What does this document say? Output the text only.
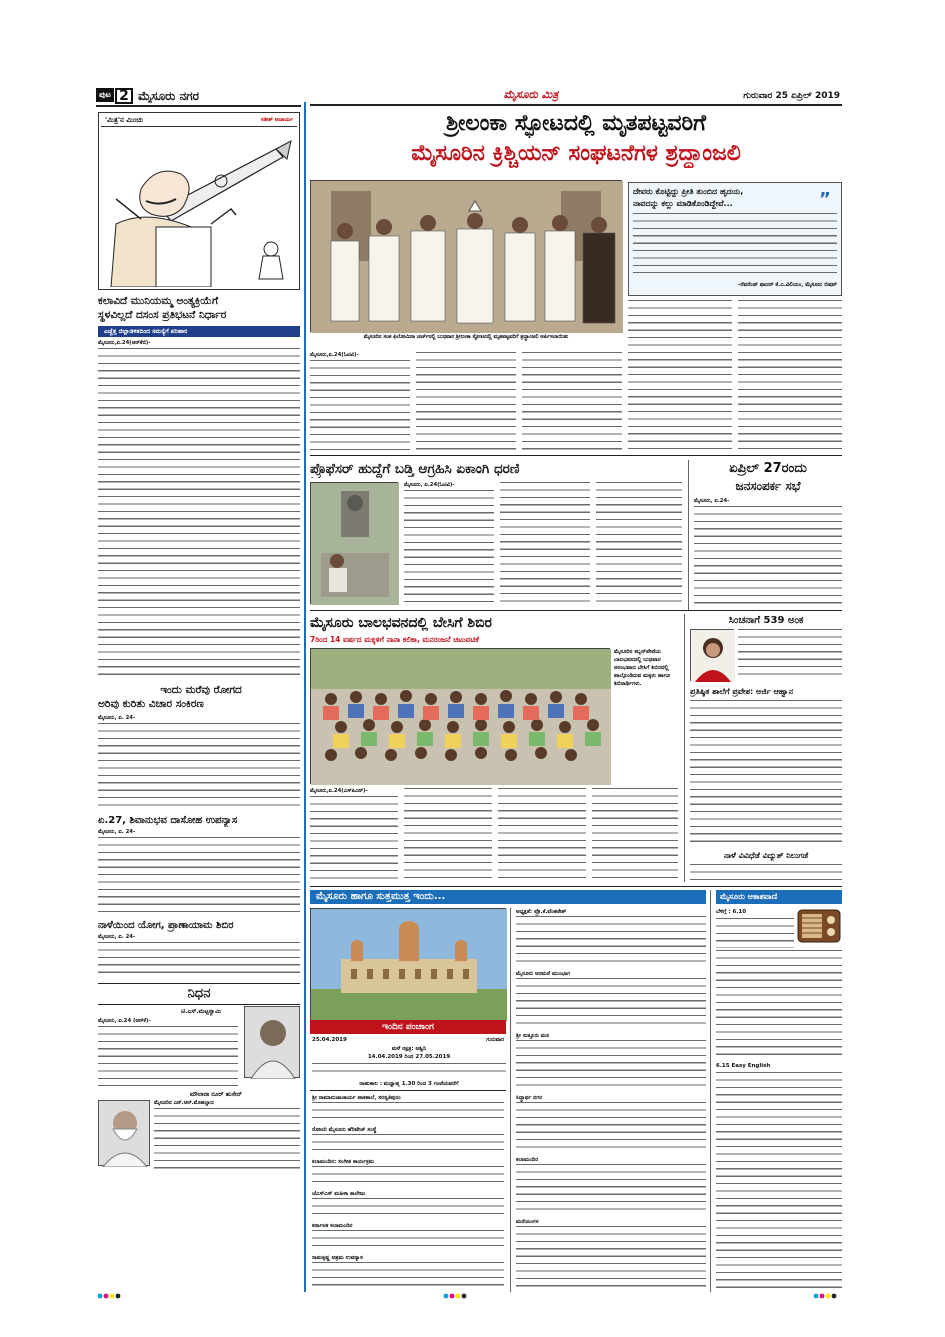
ಪುಟ 2 ಮೈಸೂರು ನಗರ
'ಮಿತ್ರ'ನ ಮಿಂಚು	ಸತೀಶ್ ಆಚಾರ್ಯ
ಕಲಾವಿದೆ ಮುನಿಯಮ್ಮ ಅಂತ್ಯಕ್ರಿಯೆಗೆ
ಸ್ಥಳವಿಲ್ಲದೆ ದಸಂಸ ಪ್ರತಿಭಟನೆ ನಿರ್ಧಾರ
ಎಚ್ಚೆತ್ತ ಜಿಲ್ಲಾಡಳಿತದಿಂದ ಸಮಸ್ಯೆಗೆ ಪರಿಹಾರ
ಮೈಸೂರು,ಏ.24(ಆರ್‌ಕೆಬಿ)-
ಇಂದು ಮರೆವು ರೋಗದ
ಅರಿವು ಕುರಿತು ವಿಚಾರ ಸಂಕಿರಣ
ಮೈಸೂರು, ಏ. 24-
ಏ.27, ಶಿವಾನುಭವ ದಾಸೋಹ ಉಪನ್ಯಾಸ
ಮೈಸೂರು, ಏ. 24-
ನಾಳೆಯಿಂದ ಯೋಗ, ಪ್ರಾಣಾಯಾಮ ಶಿಬಿರ
ಮೈಸೂರು, ಏ. 24-
ನಿಧನ
ಟಿ.ಎಸ್.ಮಟ್ಟಸ್ವಾಮಿ
ಮೈಸೂರು, ಏ.24 (ಆರ್‌ಕೆ)-
ಮೌಲಾನಾ ನೂರ್ ಹುಸೇನ್
ಮೈಸೂರಿನ ಎನ್.ಆರ್.ಮೊಹಲ್ಲಾದ
ಮೈಸೂರು ಮಿತ್ರ	ಗುರುವಾರ 25 ಏಪ್ರಿಲ್ 2019
ಶ್ರೀಲಂಕಾ ಸ್ಫೋಟದಲ್ಲಿ ಮೃತಪಟ್ಟವರಿಗೆ
ಮೈಸೂರಿನ ಕ್ರಿಶ್ಚಿಯನ್ ಸಂಘಟನೆಗಳ ಶ್ರದ್ಧಾಂಜಲಿ
ಮೈಸೂರಿನ ಸಂತ ಫಿಲೋಮಿನಾ ಚರ್ಚ್‌ನಲ್ಲಿ ಬುಧವಾರ ಶ್ರೀಲಂಕಾ ಸ್ಫೋಟದಲ್ಲಿ ಮೃತಪಟ್ಟವರಿಗೆ ಶ್ರದ್ಧಾಂಜಲಿ ಅರ್ಪಿಸಲಾಯಿತು
ಮೈಸೂರು,ಏ.24(ಓಟಿವಿ)-
ದೇವರು ಕೊಟ್ಟಿದ್ದು ಪ್ರೀತಿ ತುಂಬಿದ ಹೃದಯ,
ನಾವದನ್ನು ಕಲ್ಲು ಮಾಡಿಕೊಂಡಿದ್ದೇವೆ...	”
-ರೆವರೆಂಡ್ ಫಾದರ್ ಕೆ.ಎ.ವಿಲಿಯಂ, ಮೈಸೂರು ಬಿಷಪ್
ಪ್ರೊಫೆಸರ್ ಹುದ್ದೆಗೆ ಬಡ್ತಿ ಆಗ್ರಹಿಸಿ ಏಕಾಂಗಿ ಧರಣಿ
ಮೈಸೂರು, ಏ.24(ಓಟಿವಿ)-
ಏಪ್ರಿಲ್ 27ರಂದು
ಜನಸಂಪರ್ಕ ಸಭೆ
ಮೈಸೂರು, ಏ.24-
ಮೈಸೂರು ಬಾಲಭವನದಲ್ಲಿ ಬೇಸಿಗೆ ಶಿಬಿರ
7ರಿಂದ 14 ವರ್ಷದ ಮಕ್ಕಳಿಗೆ ನಾನಾ ಕಲಿಕಾ, ಮನರಂಜನೆ ಚಟುವಟಿಕೆ
ಮೈಸೂರಿನ ಕಬ್ಬನ್‌ಪೇಟೆಯ ಬಾಲಭವನದಲ್ಲಿ ಬುಧವಾರ ಆರಂಭವಾದ ಬೇಸಿಗೆ ಶಿಬಿರದಲ್ಲಿ ಪಾಲ್ಗೊಂಡಿರುವ ಮಕ್ಕಳು ಹಾಗೂ ಶಿಬಿರಾರ್ಥಿಗಳು.
ಮೈಸೂರು,ಏ.24(ಎಸ್‌ಪಿಎನ್)-
ಸಿಂಚನಾಗೆ 539 ಅಂಕ
ಪ್ರತಿಷ್ಠಿತ ಶಾಲೆಗೆ ಪ್ರವೇಶ: ಅರ್ಜಿ ಆಹ್ವಾನ
ನಾಳೆ ವಿವಿಧೆಡೆ ವಿದ್ಯುತ್ ನಿಲುಗಡೆ
ಮೈಸೂರು ಹಾಗೂ ಸುತ್ತಮುತ್ತ ಇಂದು...
ಇಂದಿನ ಪಂಚಾಂಗ
25.04.2019	ಗುರುವಾರ
ಮಳೆ ನಕ್ಷತ್ರ: ಅಶ್ವಿನಿ
14.04.2019 ರಿಂದ 27.05.2019
ರಾಹುಕಾಲ : ಮಧ್ಯಾಹ್ನ 1.30 ರಿಂದ 3 ಗಂಟೆಯವರೆಗೆ
ಶ್ರೀ ರಾಮಾನುಜಾಚಾರ್ಯ ಪಾಕಶಾಲೆ, ಸರಸ್ವತಿಪುರಂ
ರೋಟರಿ ಮೈಸೂರು ಹೆರಿಟೇಜ್ ಸಂಸ್ಥೆ
ಕಲಾಮಂದಿರ: ಸಂಗೀತ ಕಾರ್ಯಕ್ರಮ
ಜೆಎಸ್‌ಎಸ್ ಮಹಿಳಾ ಕಾಲೇಜು
ಕರ್ನಾಟಕ ಕಲಾಮಂದಿರ
ರಾಮಕೃಷ್ಣ ಆಶ್ರಮ ಉಪನ್ಯಾಸ
ಅಧ್ಯಕ್ಷತೆ: ಪ್ರೊ.ಕೆ.ವೆಂಕಟೇಶ್
ಮೈಸೂರು ಅರಮನೆ ಮುಂಭಾಗ
ಶ್ರೀ ಸುತ್ತೂರು ಮಠ
ಸಿದ್ಧಾರ್ಥ ನಗರ
ಕಲಾಮಂದಿರ
ಮನೆಯಂಗಳ
ಮೈಸೂರು ಆಕಾಶವಾಣಿ
ಬೆಳಿಗ್ಗೆ : 6.10
6.15 Easy English
